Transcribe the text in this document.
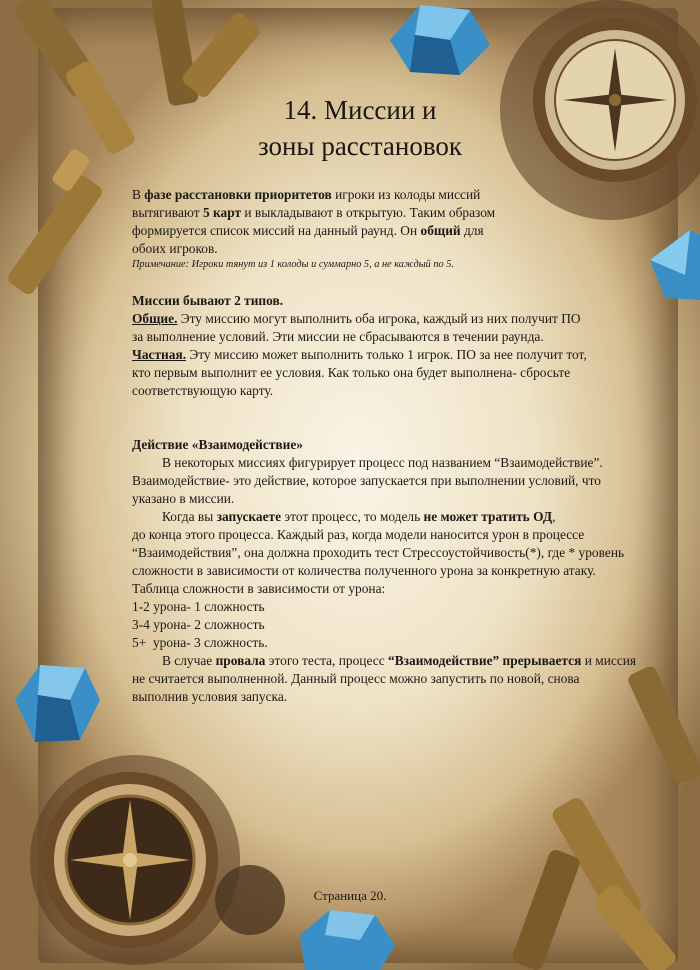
14. Миссии и
зоны расстановок

В фазе расстановки приоритетов игроки из колоды миссий

вытягивают 5 карт и выкладывают в открытую. Таким образом

формируется список миссий на данный раунд. Он общий для

обоих игроков.

Примечание: Игроки тянут из 1 колоды и суммарно 5, а не каждый по 5.

Миссии бывают 2 типов.

Общие. Эту миссию могут выполнить оба игрока, каждый из них получит ПО

за выполнение условий. Эти миссии не сбрасываются в течении раунда.

Частная. Эту миссию может выполнить только 1 игрок. ПО за нее получит тот,

кто первым выполнит ее условия. Как только она будет выполнена- сбросьте

соответствующую карту.

Действие «Взаимодействие»

В некоторых миссиях фигурирует процесс под названием “Взаимодействие”.

Взаимодействие- это действие, которое запускается при выполнении условий, что

указано в миссии.

Когда вы запускаете этот процесс, то модель не может тратить ОД,

до конца этого процесса. Каждый раз, когда модели наносится урон в процессе

“Взаимодействия”, она должна проходить тест Стрессоустойчивость(*), где * уровень

сложности в зависимости от количества полученного урона за конкретную атаку.

Таблица сложности в зависимости от урона:

1-2 урона- 1 сложность

3-4 урона- 2 сложность

5+  урона- 3 сложность.

В случае провала этого теста, процесс “Взаимодействие” прерывается и миссия

не считается выполненной. Данный процесс можно запустить по новой, снова

выполнив условия запуска.

Страница 20.
